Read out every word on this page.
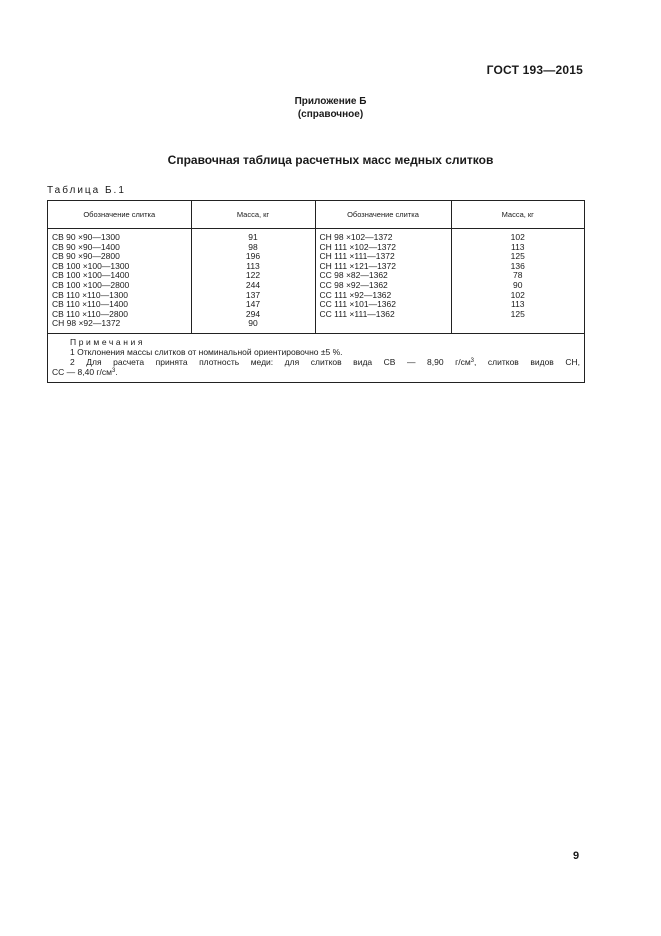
ГОСТ 193—2015
Приложение Б
(справочное)
Справочная таблица расчетных масс медных слитков
Таблица Б.1
Обозначение слитка	Масса, кг	Обозначение слитка	Масса, кг

СВ 90 ×90—1300	91	СН 98 ×102—1372	102
СВ 90 ×90—1400	98	СН 111 ×102—1372	113
СВ 90 ×90—2800	196	СН 111 ×111—1372	125
СВ 100 ×100—1300	113	СН 111 ×121—1372	136
СВ 100 ×100—1400	122	СС 98 ×82—1362	78
СВ 100 ×100—2800	244	СС 98 ×92—1362	90
СВ 110 ×110—1300	137	СС 111 ×92—1362	102
СВ 110 ×110—1400	147	СС 111 ×101—1362	113
СВ 110 ×110—2800	294	СС 111 ×111—1362	125
СН 98 ×92—1372	90		

Примечания
1 Отклонения массы слитков от номинальной ориентировочно ±5 %.
2 Для расчета принята плотность меди: для слитков вида СВ — 8,90 $г/см^3$, слитков видов СН,
СС — 8,40 $г/см^3$.
9
